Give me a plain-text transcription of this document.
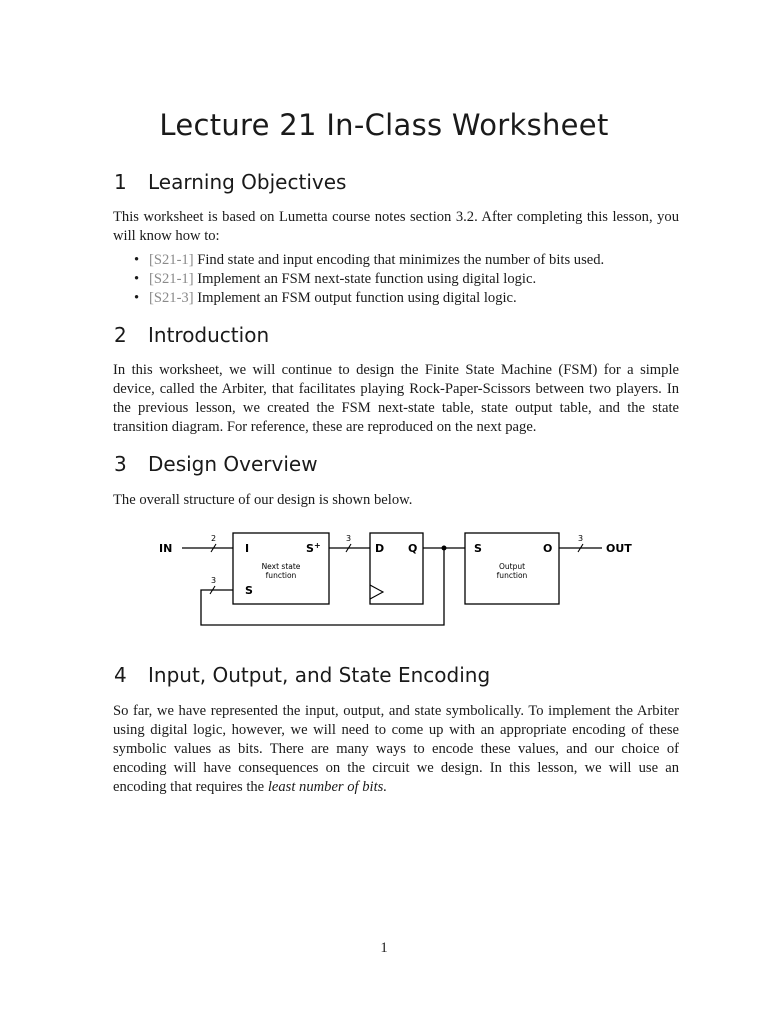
Lecture 21 In-Class Worksheet
1 Learning Objectives

This worksheet is based on Lumetta course notes section 3.2. After completing this lesson, you will know how to:

• [S21-1] Find state and input encoding that minimizes the number of bits used.
• [S21-1] Implement an FSM next-state function using digital logic.
• [S21-3] Implement an FSM output function using digital logic.
2 Introduction

In this worksheet, we will continue to design the Finite State Machine (FSM) for a simple device, called the Arbiter, that facilitates playing Rock-Paper-Scissors between two players. In the previous lesson, we created the FSM next-state table, state output table, and the state transition diagram. For reference, these are reproduced on the next page.

3 Design Overview

The overall structure of our design is shown below.

IN
2
I	S+
Next state
function
S
3
D Q
3
S	O
Output
function
3
OUT
4 Input, Output, and State Encoding

So far, we have represented the input, output, and state symbolically. To implement the Arbiter using digital logic, however, we will need to come up with an appropriate encoding of these symbolic values as bits. There are many ways to encode these values, and our choice of encoding will have consequences on the circuit we design. In this lesson, we will use an encoding that requires the least number of bits.

1
